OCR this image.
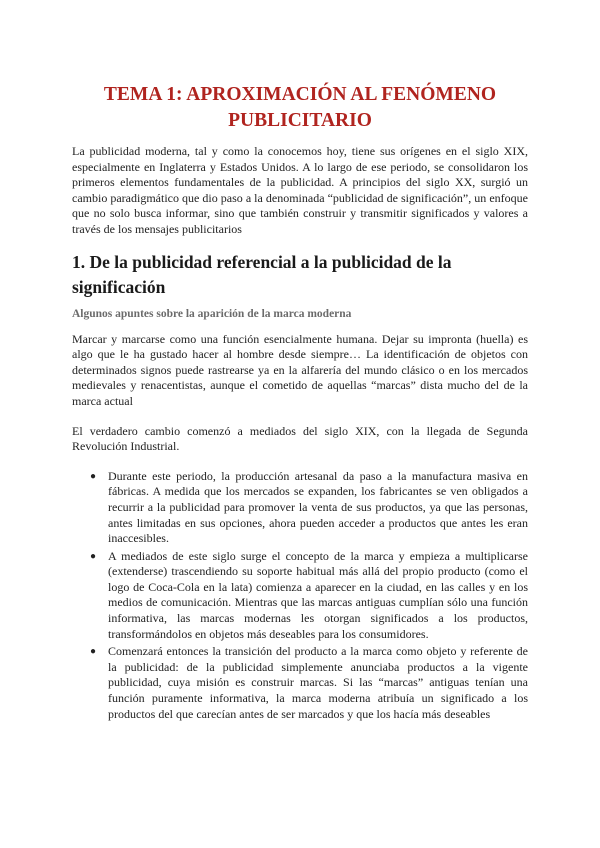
TEMA 1: APROXIMACIÓN AL FENÓMENO PUBLICITARIO

La publicidad moderna, tal y como la conocemos hoy, tiene sus orígenes en el siglo XIX, especialmente en Inglaterra y Estados Unidos. A lo largo de ese periodo, se consolidaron los primeros elementos fundamentales de la publicidad. A principios del siglo XX, surgió un cambio paradigmático que dio paso a la denominada “publicidad de significación”, un enfoque que no solo busca informar, sino que también construir y transmitir significados y valores a través de los mensajes publicitarios

1. De la publicidad referencial a la publicidad de la significación
Algunos apuntes sobre la aparición de la marca moderna

Marcar y marcarse como una función esencialmente humana. Dejar su impronta (huella) es algo que le ha gustado hacer al hombre desde siempre… La identificación de objetos con determinados signos puede rastrearse ya en la alfarería del mundo clásico o en los mercados medievales y renacentistas, aunque el cometido de aquellas “marcas” dista mucho del de la marca actual

El verdadero cambio comenzó a mediados del siglo XIX, con la llegada de Segunda Revolución Industrial.

● Durante este periodo, la producción artesanal da paso a la manufactura masiva en fábricas. A medida que los mercados se expanden, los fabricantes se ven obligados a recurrir a la publicidad para promover la venta de sus productos, ya que las personas, antes limitadas en sus opciones, ahora pueden acceder a productos que antes les eran inaccesibles.

● A mediados de este siglo surge el concepto de la marca y empieza a multiplicarse (extenderse) trascendiendo su soporte habitual más allá del propio producto (como el logo de Coca-Cola en la lata) comienza a aparecer en la ciudad, en las calles y en los medios de comunicación. Mientras que las marcas antiguas cumplían sólo una función informativa, las marcas modernas les otorgan significados a los productos, transformándolos en objetos más deseables para los consumidores.

● Comenzará entonces la transición del producto a la marca como objeto y referente de la publicidad: de la publicidad simplemente anunciaba productos a la vigente publicidad, cuya misión es construir marcas. Si las “marcas” antiguas tenían una función puramente informativa, la marca moderna atribuía un significado a los productos del que carecían antes de ser marcados y que los hacía más deseables
